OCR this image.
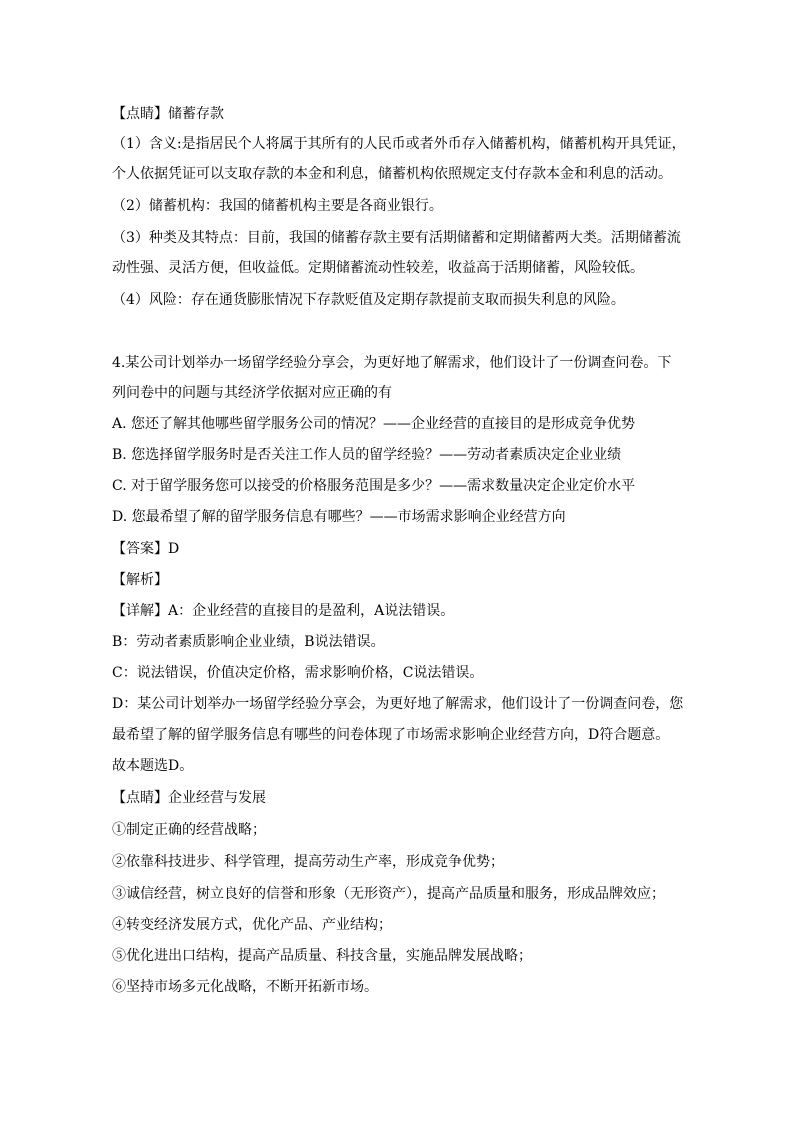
【点睛】储蓄存款
（1）含义:是指居民个人将属于其所有的人民币或者外币存入储蓄机构，储蓄机构开具凭证，
个人依据凭证可以支取存款的本金和利息，储蓄机构依照规定支付存款本金和利息的活动。
（2）储蓄机构：我国的储蓄机构主要是各商业银行。
（3）种类及其特点：目前，我国的储蓄存款主要有活期储蓄和定期储蓄两大类。活期储蓄流
动性强、灵活方便，但收益低。定期储蓄流动性较差，收益高于活期储蓄，风险较低。
（4）风险：存在通货膨胀情况下存款贬值及定期存款提前支取而损失利息的风险。
4.某公司计划举办一场留学经验分享会，为更好地了解需求，他们设计了一份调查问卷。下
列问卷中的问题与其经济学依据对应正确的有
A. 您还了解其他哪些留学服务公司的情况？——企业经营的直接目的是形成竞争优势
B. 您选择留学服务时是否关注工作人员的留学经验？——劳动者素质决定企业业绩
C. 对于留学服务您可以接受的价格服务范围是多少？——需求数量决定企业定价水平
D. 您最希望了解的留学服务信息有哪些？——市场需求影响企业经营方向
【答案】D
【解析】
【详解】A：企业经营的直接目的是盈利，A说法错误。
B：劳动者素质影响企业业绩，B说法错误。
C：说法错误，价值决定价格，需求影响价格，C说法错误。
D：某公司计划举办一场留学经验分享会，为更好地了解需求，他们设计了一份调查问卷，您
最希望了解的留学服务信息有哪些的问卷体现了市场需求影响企业经营方向，D符合题意。
故本题选D。
【点睛】企业经营与发展
①制定正确的经营战略；
②依靠科技进步、科学管理，提高劳动生产率，形成竞争优势；
③诚信经营，树立良好的信誉和形象（无形资产），提高产品质量和服务，形成品牌效应；
④转变经济发展方式，优化产品、产业结构；
⑤优化进出口结构，提高产品质量、科技含量，实施品牌发展战略；
⑥坚持市场多元化战略，不断开拓新市场。
